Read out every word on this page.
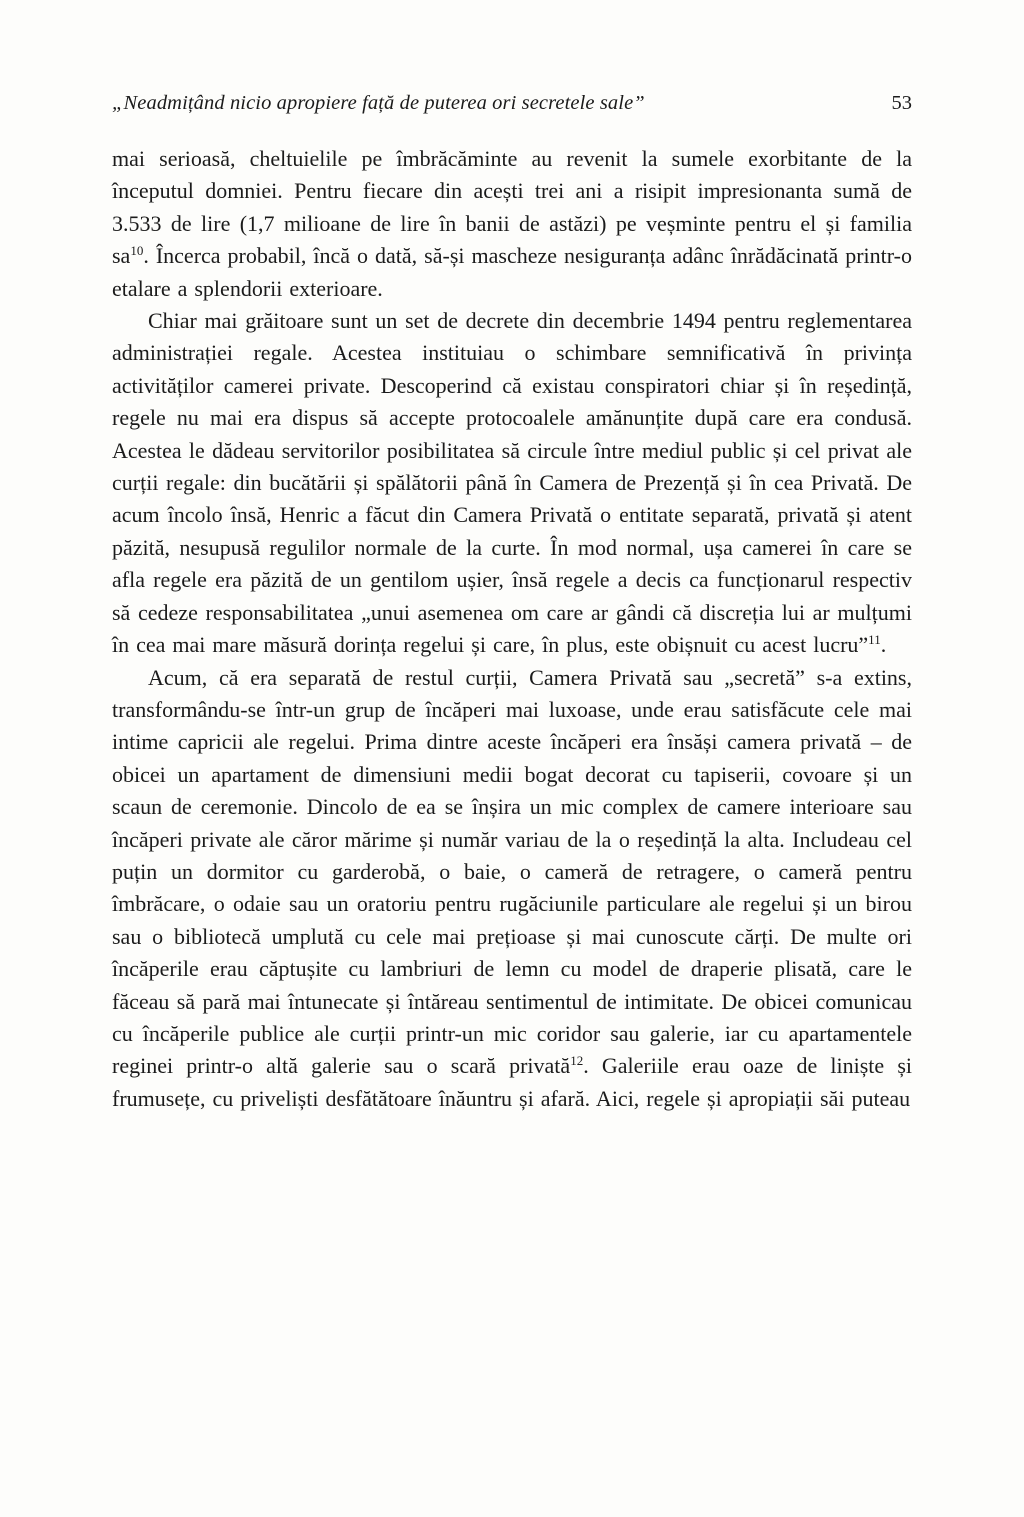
„Neadmițând nicio apropiere față de puterea ori secretele sale”	53

mai serioasă, cheltuielile pe îmbrăcăminte au revenit la sumele exorbitante de la începutul domniei. Pentru fiecare din acești trei ani a risipit impresionanta sumă de 3.533 de lire (1,7 milioane de lire în banii de astăzi) pe veșminte pentru el și familia $sa^{10}$. Încerca probabil, încă o dată, să-și mascheze nesiguranța adânc înrădăcinată printr-o etalare a splendorii exterioare.

Chiar mai grăitoare sunt un set de decrete din decembrie 1494 pentru reglementarea administrației regale. Acestea instituiau o schimbare semnificativă în privința activităților camerei private. Descoperind că existau conspiratori chiar și în reședință, regele nu mai era dispus să accepte protocoalele amănunțite după care era condusă. Acestea le dădeau servitorilor posibilitatea să circule între mediul public și cel privat ale curții regale: din bucătării și spălătorii până în Camera de Prezență și în cea Privată. De acum încolo însă, Henric a făcut din Camera Privată o entitate separată, privată și atent păzită, nesupusă regulilor normale de la curte. În mod normal, ușa camerei în care se afla regele era păzită de un gentilom ușier, însă regele a decis ca funcționarul respectiv să cedeze responsabilitatea „unui asemenea om care ar gândi că discreția lui ar mulțumi în cea mai mare măsură dorința regelui și care, în plus, este obișnuit cu acest lucru”$^{11}$.

Acum, că era separată de restul curții, Camera Privată sau „secretă” s-a extins, transformându-se într-un grup de încăperi mai luxoase, unde erau satisfăcute cele mai intime capricii ale regelui. Prima dintre aceste încăperi era însăși camera privată – de obicei un apartament de dimensiuni medii bogat decorat cu tapiserii, covoare și un scaun de ceremonie. Dincolo de ea se înșira un mic complex de camere interioare sau încăperi private ale căror mărime și număr variau de la o reședință la alta. Includeau cel puțin un dormitor cu garderobă, o baie, o cameră de retragere, o cameră pentru îmbrăcare, o odaie sau un oratoriu pentru rugăciunile particulare ale regelui și un birou sau o bibliotecă umplută cu cele mai prețioase și mai cunoscute cărți. De multe ori încăperile erau căptușite cu lambriuri de lemn cu model de draperie plisată, care le făceau să pară mai întunecate și întăreau sentimentul de intimitate. De obicei comunicau cu încăperile publice ale curții printr-un mic coridor sau galerie, iar cu apartamentele reginei printr-o altă galerie sau o scară privată$^{12}$. Galeriile erau oaze de liniște și frumusețe, cu priveliști desfătătoare înăuntru și afară. Aici, regele și apropiații săi puteau
